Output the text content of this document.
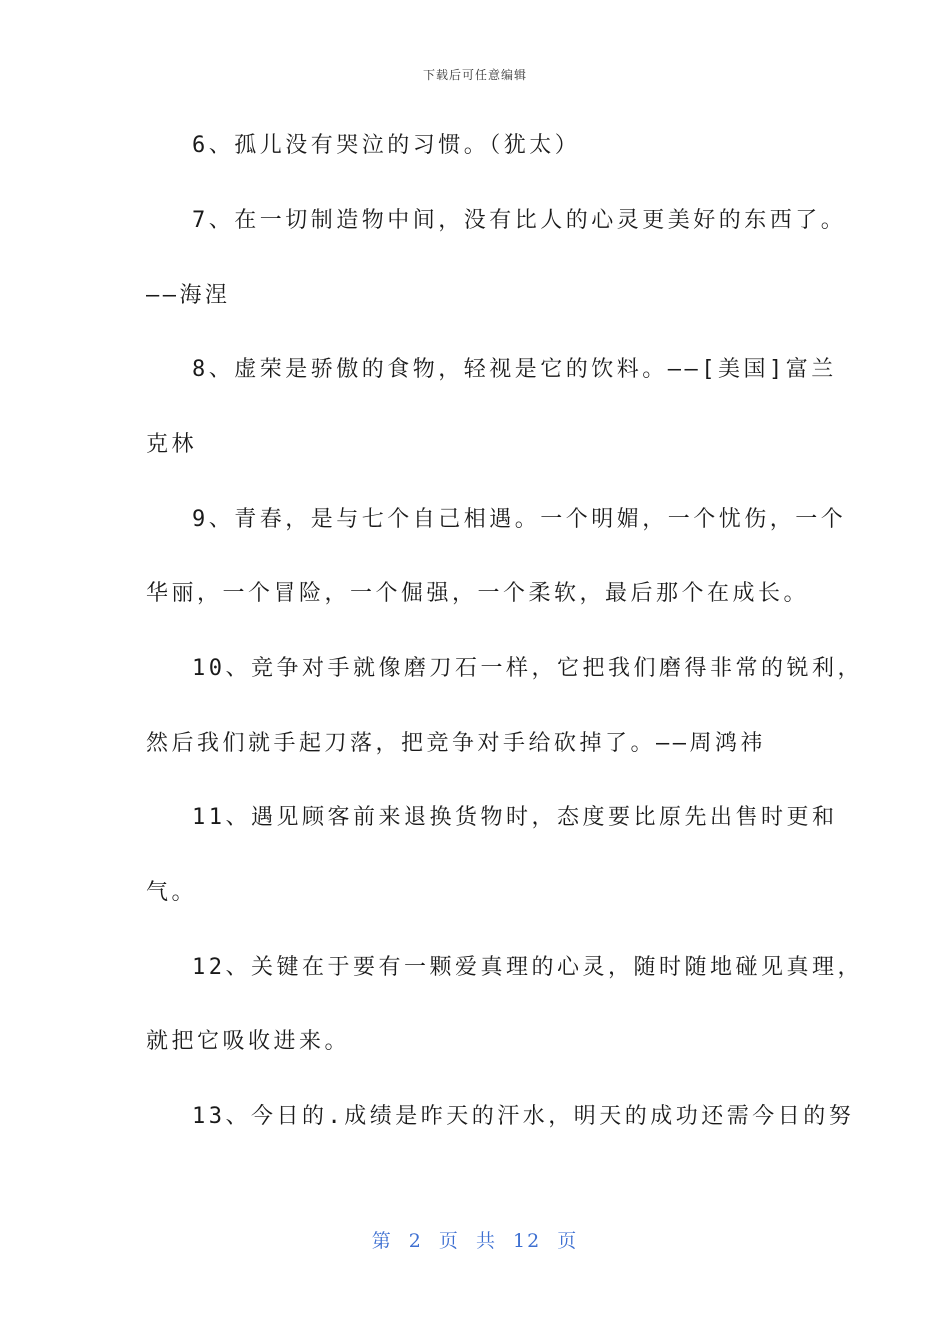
下载后可任意编辑
6、孤儿没有哭泣的习惯。（犹太）
7、在一切制造物中间，没有比人的心灵更美好的东西了。
——海涅
8、虚荣是骄傲的食物，轻视是它的饮料。——[美国]富兰
克林
9、青春，是与七个自己相遇。一个明媚，一个忧伤，一个
华丽，一个冒险，一个倔强，一个柔软，最后那个在成长。
10、竞争对手就像磨刀石一样，它把我们磨得非常的锐利，
然后我们就手起刀落，把竞争对手给砍掉了。——周鸿祎
11、遇见顾客前来退换货物时，态度要比原先出售时更和
气。
12、关键在于要有一颗爱真理的心灵，随时随地碰见真理，
就把它吸收进来。
13、今日的.成绩是昨天的汗水，明天的成功还需今日的努
第 2 页 共 12 页
